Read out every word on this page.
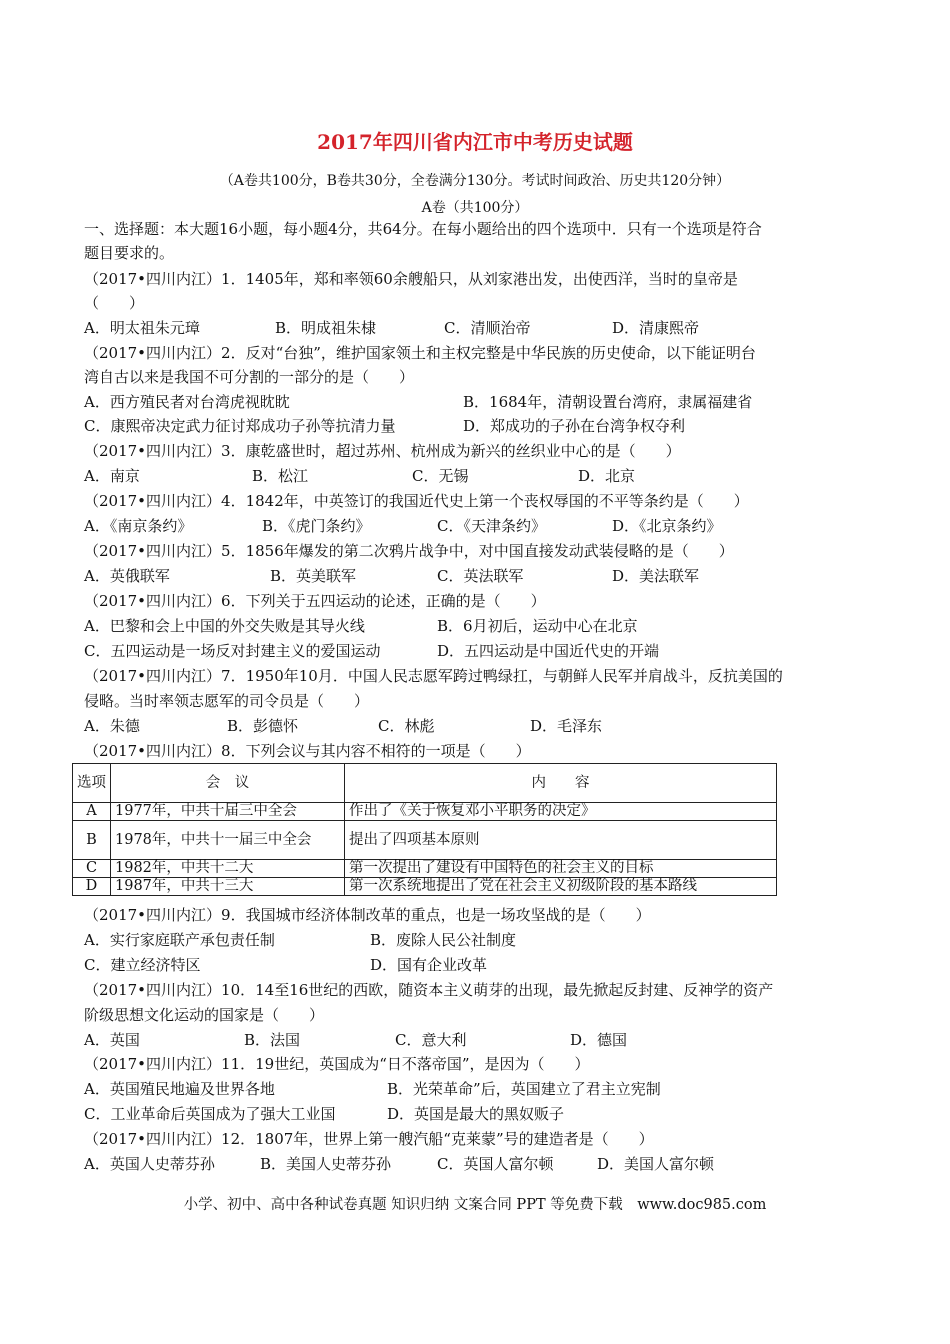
2017年四川省内江市中考历史试题
（A卷共100分，B卷共30分，全卷满分130分。考试时间政治、历史共120分钟）
A卷（共100分）
一、选择题：本大题16小题，每小题4分，共64分。在每小题给出的四个选项中．只有一个选项是符合
题目要求的。
（2017•四川内江）1．1405年，郑和率领60余艘船只，从刘家港出发，出使西洋，当时的皇帝是
（　　）
A．明太祖朱元璋	B．明成祖朱棣	C．清顺治帝	D．清康熙帝
（2017•四川内江）2．反对“台独”，维护国家领土和主权完整是中华民族的历史使命，以下能证明台
湾自古以来是我国不可分割的一部分的是（　　）
A．西方殖民者对台湾虎视眈眈	B．1684年，清朝设置台湾府，隶属福建省
C．康熙帝决定武力征讨郑成功子孙等抗清力量	D．郑成功的子孙在台湾争权夺利
（2017•四川内江）3．康乾盛世时，超过苏州、杭州成为新兴的丝织业中心的是（　　）
A．南京	B．松江	C．无锡	D．北京
（2017•四川内江）4．1842年，中英签订的我国近代史上第一个丧权辱国的不平等条约是（　　）
A．《南京条约》	B．《虎门条约》	C．《天津条约》	D．《北京条约》
（2017•四川内江）5．1856年爆发的第二次鸦片战争中，对中国直接发动武装侵略的是（　　）
A．英俄联军	B．英美联军	C．英法联军	D．美法联军
（2017•四川内江）6．下列关于五四运动的论述，正确的是（　　）
A．巴黎和会上中国的外交失败是其导火线	B．6月初后，运动中心在北京
C．五四运动是一场反对封建主义的爱国运动	D．五四运动是中国近代史的开端
（2017•四川内江）7．1950年10月．中国人民志愿军跨过鸭绿扛，与朝鲜人民军并肩战斗，反抗美国的
侵略。当时率领志愿军的司令员是（　　）
A．朱德	B．彭德怀	C．林彪	D．毛泽东
（2017•四川内江）8．下列会议与其内容不相符的一项是（　　）
选项	会　议	内　　容
A	1977年，中共十届三中全会	作出了《关于恢复邓小平职务的决定》
B	1978年，中共十一届三中全会	提出了四项基本原则
C	1982年，中共十二大	第一次提出了建设有中国特色的社会主义的目标
D	1987年，中共十三大	第一次系统地提出了党在社会主义初级阶段的基本路线
（2017•四川内江）9．我国城市经济体制改革的重点，也是一场攻坚战的是（　　）
A．实行家庭联产承包责任制	B．废除人民公社制度
C．建立经济特区	D．国有企业改革
（2017•四川内江）10．14至16世纪的西欧，随资本主义萌芽的出现，最先掀起反封建、反神学的资产
阶级思想文化运动的国家是（　　）
A．英国	B．法国	C．意大利	D．德国
（2017•四川内江）11．19世纪，英国成为“日不落帝国”，是因为（　　）
A．英国殖民地遍及世界各地	B．光荣革命”后，英国建立了君主立宪制
C．工业革命后英国成为了强大工业国	D．英国是最大的黑奴贩子
（2017•四川内江）12．1807年，世界上第一艘汽船“克莱蒙”号的建造者是（　　）
A．英国人史蒂芬孙	B．美国人史蒂芬孙	C．英国人富尔顿	D．美国人富尔顿
小学、初中、高中各种试卷真题 知识归纳 文案合同 PPT 等免费下载　www.doc985.com
